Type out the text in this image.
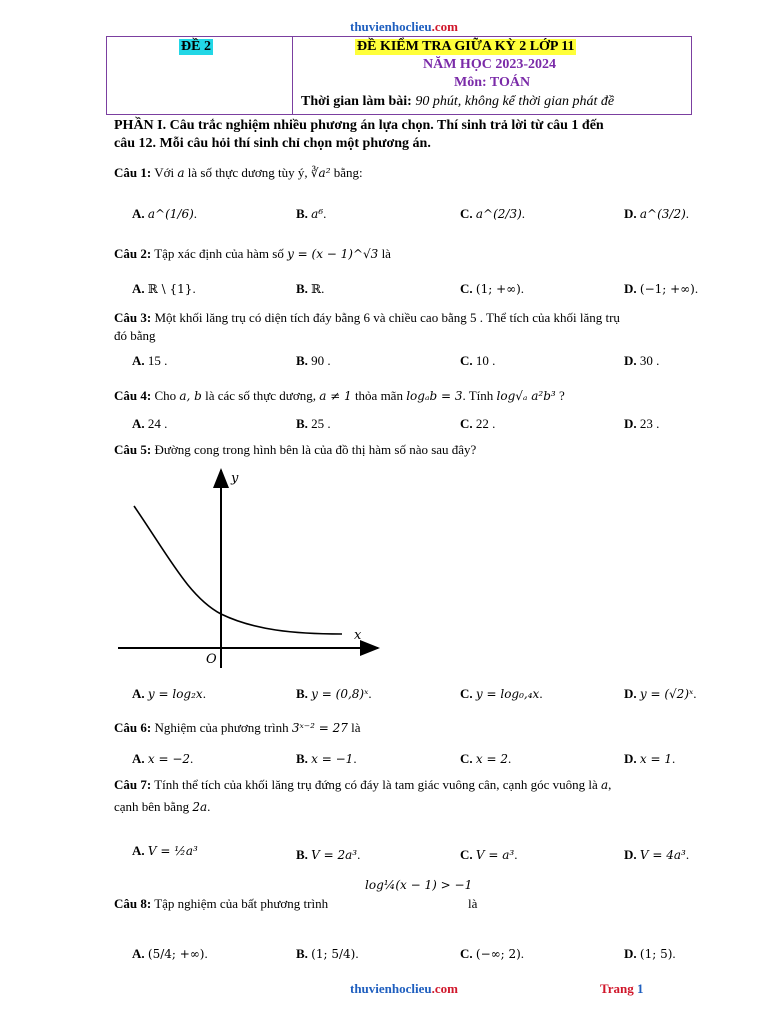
thuvienhoclieu.com
ĐỀ 2	ĐỀ KIỂM TRA GIỮA KỲ 2 LỚP 11
NĂM HỌC 2023-2024
Môn: TOÁN
Thời gian làm bài: 90 phút, không kể thời gian phát đề
PHẦN I. Câu trắc nghiệm nhiều phương án lựa chọn. Thí sinh trả lời từ câu 1 đến
câu 12. Mỗi câu hỏi thí sinh chỉ chọn một phương án.
Câu 1: Với a là số thực dương tùy ý, ∛a² bằng:
A. a^(1/6).	B. a⁶.	C. a^(2/3).	D. a^(3/2).
Câu 2: Tập xác định của hàm số y = (x − 1)^√3 là
A. ℝ \ {1}.	B. ℝ.	C. (1; +∞).	D. (−1; +∞).
Câu 3: Một khối lăng trụ có diện tích đáy bằng 6 và chiều cao bằng 5 . Thể tích của khối lăng trụ
đó bằng
A. 15 .	B. 90 .	C. 10 .	D. 30 .
Câu 4: Cho a, b là các số thực dương, a ≠ 1 thỏa mãn logₐb = 3. Tính log√ₐ a²b³ ?
A. 24 .	B. 25 .	C. 22 .	D. 23 .
Câu 5: Đường cong trong hình bên là của đồ thị hàm số nào sau đây?
y
x
O
A. y = log₂x.	B. y = (0,8)ˣ.	C. y = log₀,₄x.	D. y = (√2)ˣ.
Câu 6: Nghiệm của phương trình 3ˣ⁻² = 27 là
A. x = −2.	B. x = −1.	C. x = 2.	D. x = 1.
Câu 7: Tính thể tích của khối lăng trụ đứng có đáy là tam giác vuông cân, cạnh góc vuông là a,
cạnh bên bằng 2a.
A. V = ½a³	B. V = 2a³.	C. V = a³.	D. V = 4a³.
Câu 8: Tập nghiệm của bất phương trình
log¼(x − 1) > −1
là
A. (5/4; +∞).	B. (1; 5/4).	C. (−∞; 2).	D. (1; 5).
thuvienhoclieu.com	Trang 1
